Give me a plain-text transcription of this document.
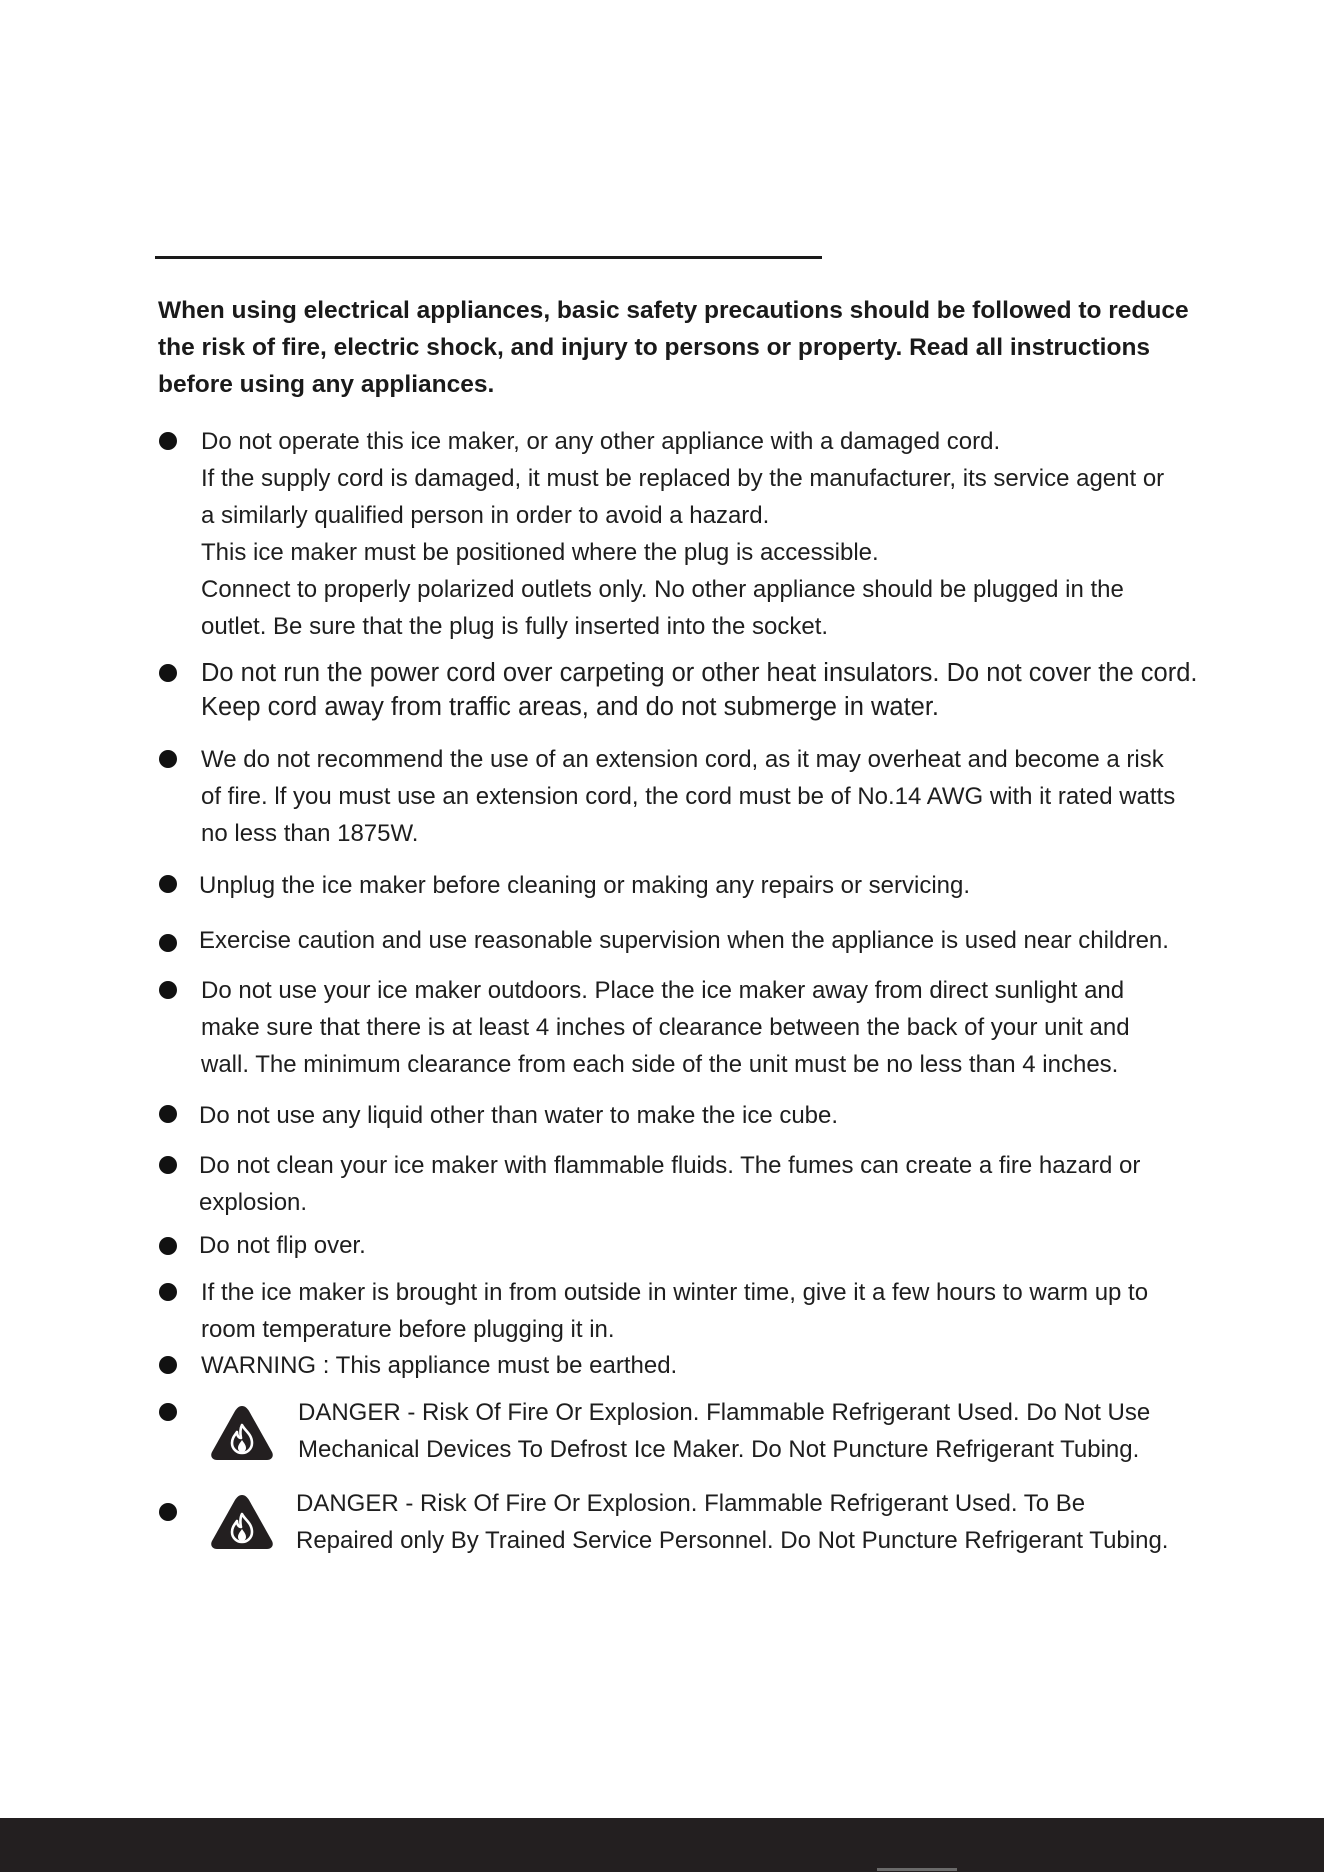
When using electrical appliances, basic safety precautions should be followed to reduce the risk of fire, electric shock, and injury to persons or property. Read all instructions before using any appliances.

Do not operate this ice maker, or any other appliance with a damaged cord.

If the supply cord is damaged, it must be replaced by the manufacturer, its service agent or

a similarly qualified person in order to avoid a hazard.

This ice maker must be positioned where the plug is accessible.

Connect to properly polarized outlets only. No other appliance should be plugged in the

outlet. Be sure that the plug is fully inserted into the socket.

Do not run the power cord over carpeting or other heat insulators. Do not cover the cord.

Keep cord away from traffic areas, and do not submerge in water.

We do not recommend the use of an extension cord, as it may overheat and become a risk

of fire. lf you must use an extension cord, the cord must be of No.14 AWG with it rated watts

no less than 1875W.

Unplug the ice maker before cleaning or making any repairs or servicing.

Exercise caution and use reasonable supervision when the appliance is used near children.

Do not use your ice maker outdoors. Place the ice maker away from direct sunlight and

make sure that there is at least 4 inches of clearance between the back of your unit and

wall. The minimum clearance from each side of the unit must be no less than 4 inches.

Do not use any liquid other than water to make the ice cube.

Do not clean your ice maker with flammable fluids. The fumes can create a fire hazard or

explosion.

Do not flip over.

If the ice maker is brought in from outside in winter time, give it a few hours to warm up to

room temperature before plugging it in.

WARNING : This appliance must be earthed.

DANGER - Risk Of Fire Or Explosion. Flammable Refrigerant Used. Do Not Use

Mechanical Devices To Defrost Ice Maker. Do Not Puncture Refrigerant Tubing.

DANGER - Risk Of Fire Or Explosion. Flammable Refrigerant Used. To Be

Repaired only By Trained Service Personnel. Do Not Puncture Refrigerant Tubing.
